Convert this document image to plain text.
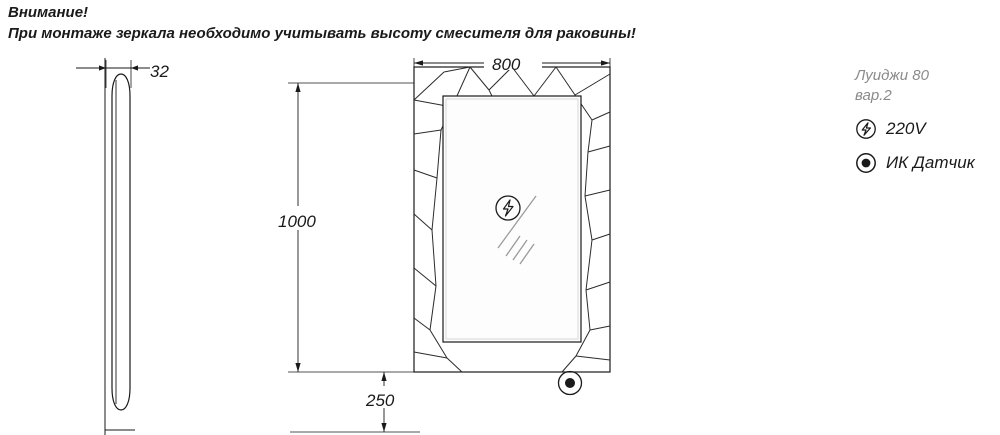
Внимание!
При монтаже зеркала необходимо учитывать высоту смесителя для раковины!
32	800
1000
250
Луиджи 80
вар.2
220V
ИК Датчик
